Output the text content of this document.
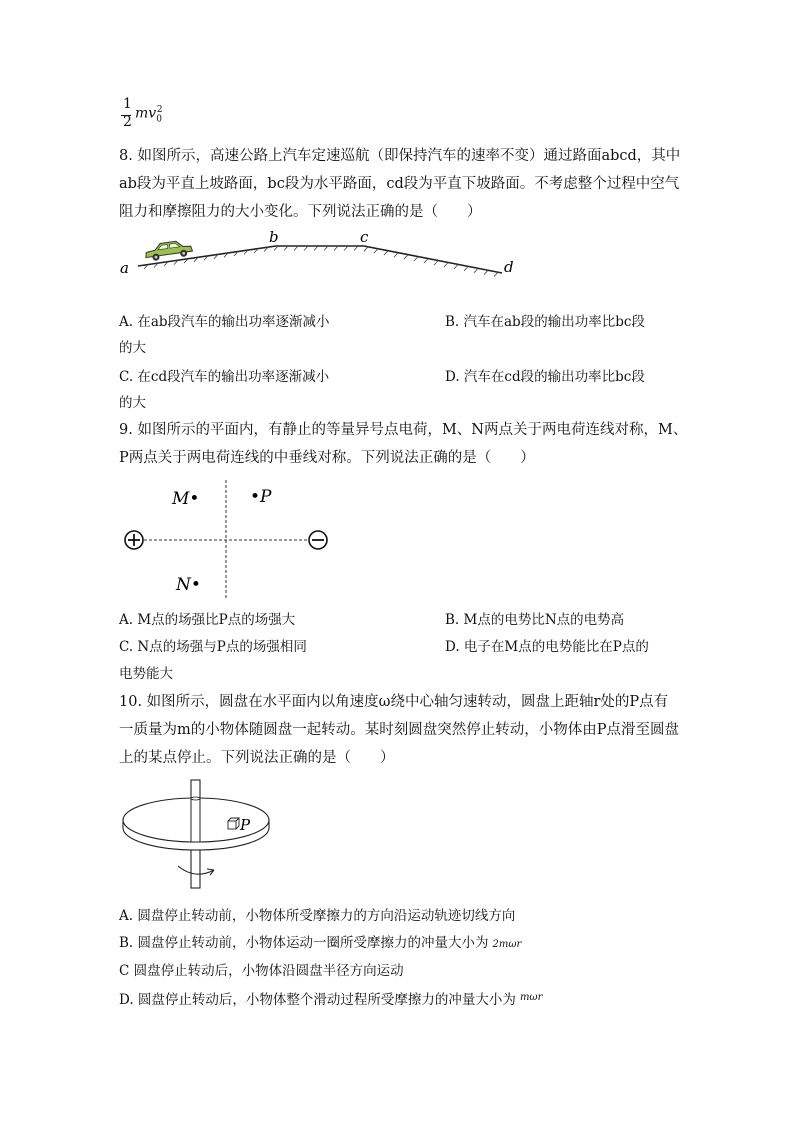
1
2
$mv_0^2$
8. 如图所示，高速公路上汽车定速巡航（即保持汽车的速率不变）通过路面abcd，其中
ab段为平直上坡路面，bc段为水平路面，cd段为平直下坡路面。不考虑整个过程中空气
阻力和摩擦阻力的大小变化。下列说法正确的是（　　）
a
b	c
d
A. 在ab段汽车的输出功率逐渐减小	B. 汽车在ab段的输出功率比bc段
的大
C. 在cd段汽车的输出功率逐渐减小	D. 汽车在cd段的输出功率比bc段
的大
9. 如图所示的平面内，有静止的等量异号点电荷，M、N两点关于两电荷连线对称，M、
P两点关于两电荷连线的中垂线对称。下列说法正确的是（　　）
M•	•P
N•
A. M点的场强比P点的场强大	B. M点的电势比N点的电势高
C. N点的场强与P点的场强相同	D. 电子在M点的电势能比在P点的
电势能大
10. 如图所示，圆盘在水平面内以角速度ω绕中心轴匀速转动，圆盘上距轴r处的P点有
一质量为m的小物体随圆盘一起转动。某时刻圆盘突然停止转动，小物体由P点滑至圆盘
上的某点停止。下列说法正确的是（　　）
P
A. 圆盘停止转动前，小物体所受摩擦力的方向沿运动轨迹切线方向
B. 圆盘停止转动前，小物体运动一圈所受摩擦力的冲量大小为 2mωr
C 圆盘停止转动后，小物体沿圆盘半径方向运动
D. 圆盘停止转动后，小物体整个滑动过程所受摩擦力的冲量大小为 $^{m\omega r}$
